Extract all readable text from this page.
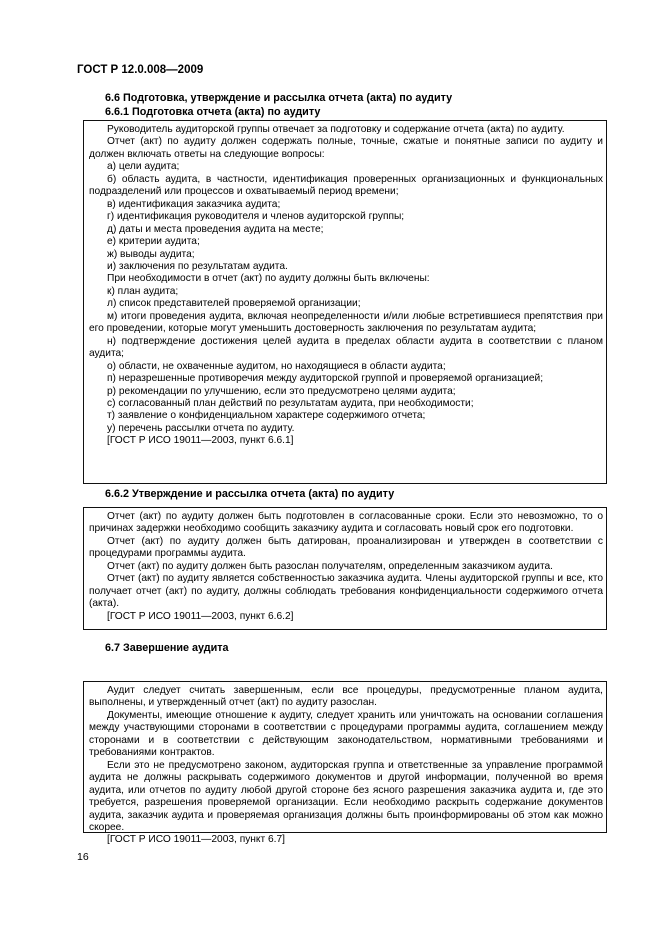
ГОСТ Р 12.0.008—2009
6.6 Подготовка, утверждение и рассылка отчета (акта) по аудиту
6.6.1 Подготовка отчета (акта) по аудиту

Руководитель аудиторской группы отвечает за подготовку и содержание отчета (акта) по аудиту.

Отчет (акт) по аудиту должен содержать полные, точные, сжатые и понятные записи по аудиту и должен включать ответы на следующие вопросы:

а) цели аудита;

б) область аудита, в частности, идентификация проверенных организационных и функциональных подразделений или процессов и охватываемый период времени;

в) идентификация заказчика аудита;

г) идентификация руководителя и членов аудиторской группы;

д) даты и места проведения аудита на месте;

е) критерии аудита;

ж) выводы аудита;

и) заключения по результатам аудита.

При необходимости в отчет (акт) по аудиту должны быть включены:

к) план аудита;

л) список представителей проверяемой организации;

м) итоги проведения аудита, включая неопределенности и/или любые встретившиеся препятствия при его проведении, которые могут уменьшить достоверность заключения по результатам аудита;

н) подтверждение достижения целей аудита в пределах области аудита в соответствии с планом аудита;

о) области, не охваченные аудитом, но находящиеся в области аудита;

п) неразрешенные противоречия между аудиторской группой и проверяемой организацией;

р) рекомендации по улучшению, если это предусмотрено целями аудита;

с) согласованный план действий по результатам аудита, при необходимости;

т) заявление о конфиденциальном характере содержимого отчета;

у) перечень рассылки отчета по аудиту.

[ГОСТ Р ИСО 19011—2003, пункт 6.6.1]

6.6.2 Утверждение и рассылка отчета (акта) по аудиту

Отчет (акт) по аудиту должен быть подготовлен в согласованные сроки. Если это невозможно, то о причинах задержки необходимо сообщить заказчику аудита и согласовать новый срок его подготовки.

Отчет (акт) по аудиту должен быть датирован, проанализирован и утвержден в соответствии с процедурами программы аудита.

Отчет (акт) по аудиту должен быть разослан получателям, определенным заказчиком аудита.

Отчет (акт) по аудиту является собственностью заказчика аудита. Члены аудиторской группы и все, кто получает отчет (акт) по аудиту, должны соблюдать требования конфиденциальности содержимого отчета (акта).

[ГОСТ Р ИСО 19011—2003, пункт 6.6.2]

6.7 Завершение аудита

Аудит следует считать завершенным, если все процедуры, предусмотренные планом аудита, выполнены, и утвержденный отчет (акт) по аудиту разослан.

Документы, имеющие отношение к аудиту, следует хранить или уничтожать на основании соглашения между участвующими сторонами в соответствии с процедурами программы аудита, соглашением между сторонами и в соответствии с действующим законодательством, нормативными требованиями и требованиями контрактов.

Если это не предусмотрено законом, аудиторская группа и ответственные за управление программой аудита не должны раскрывать содержимого документов и другой информации, полученной во время аудита, или отчетов по аудиту любой другой стороне без ясного разрешения заказчика аудита и, где это требуется, разрешения проверяемой организации. Если необходимо раскрыть содержание документов аудита, заказчик аудита и проверяемая организация должны быть проинформированы об этом как можно скорее.

[ГОСТ Р ИСО 19011—2003, пункт 6.7]

16
